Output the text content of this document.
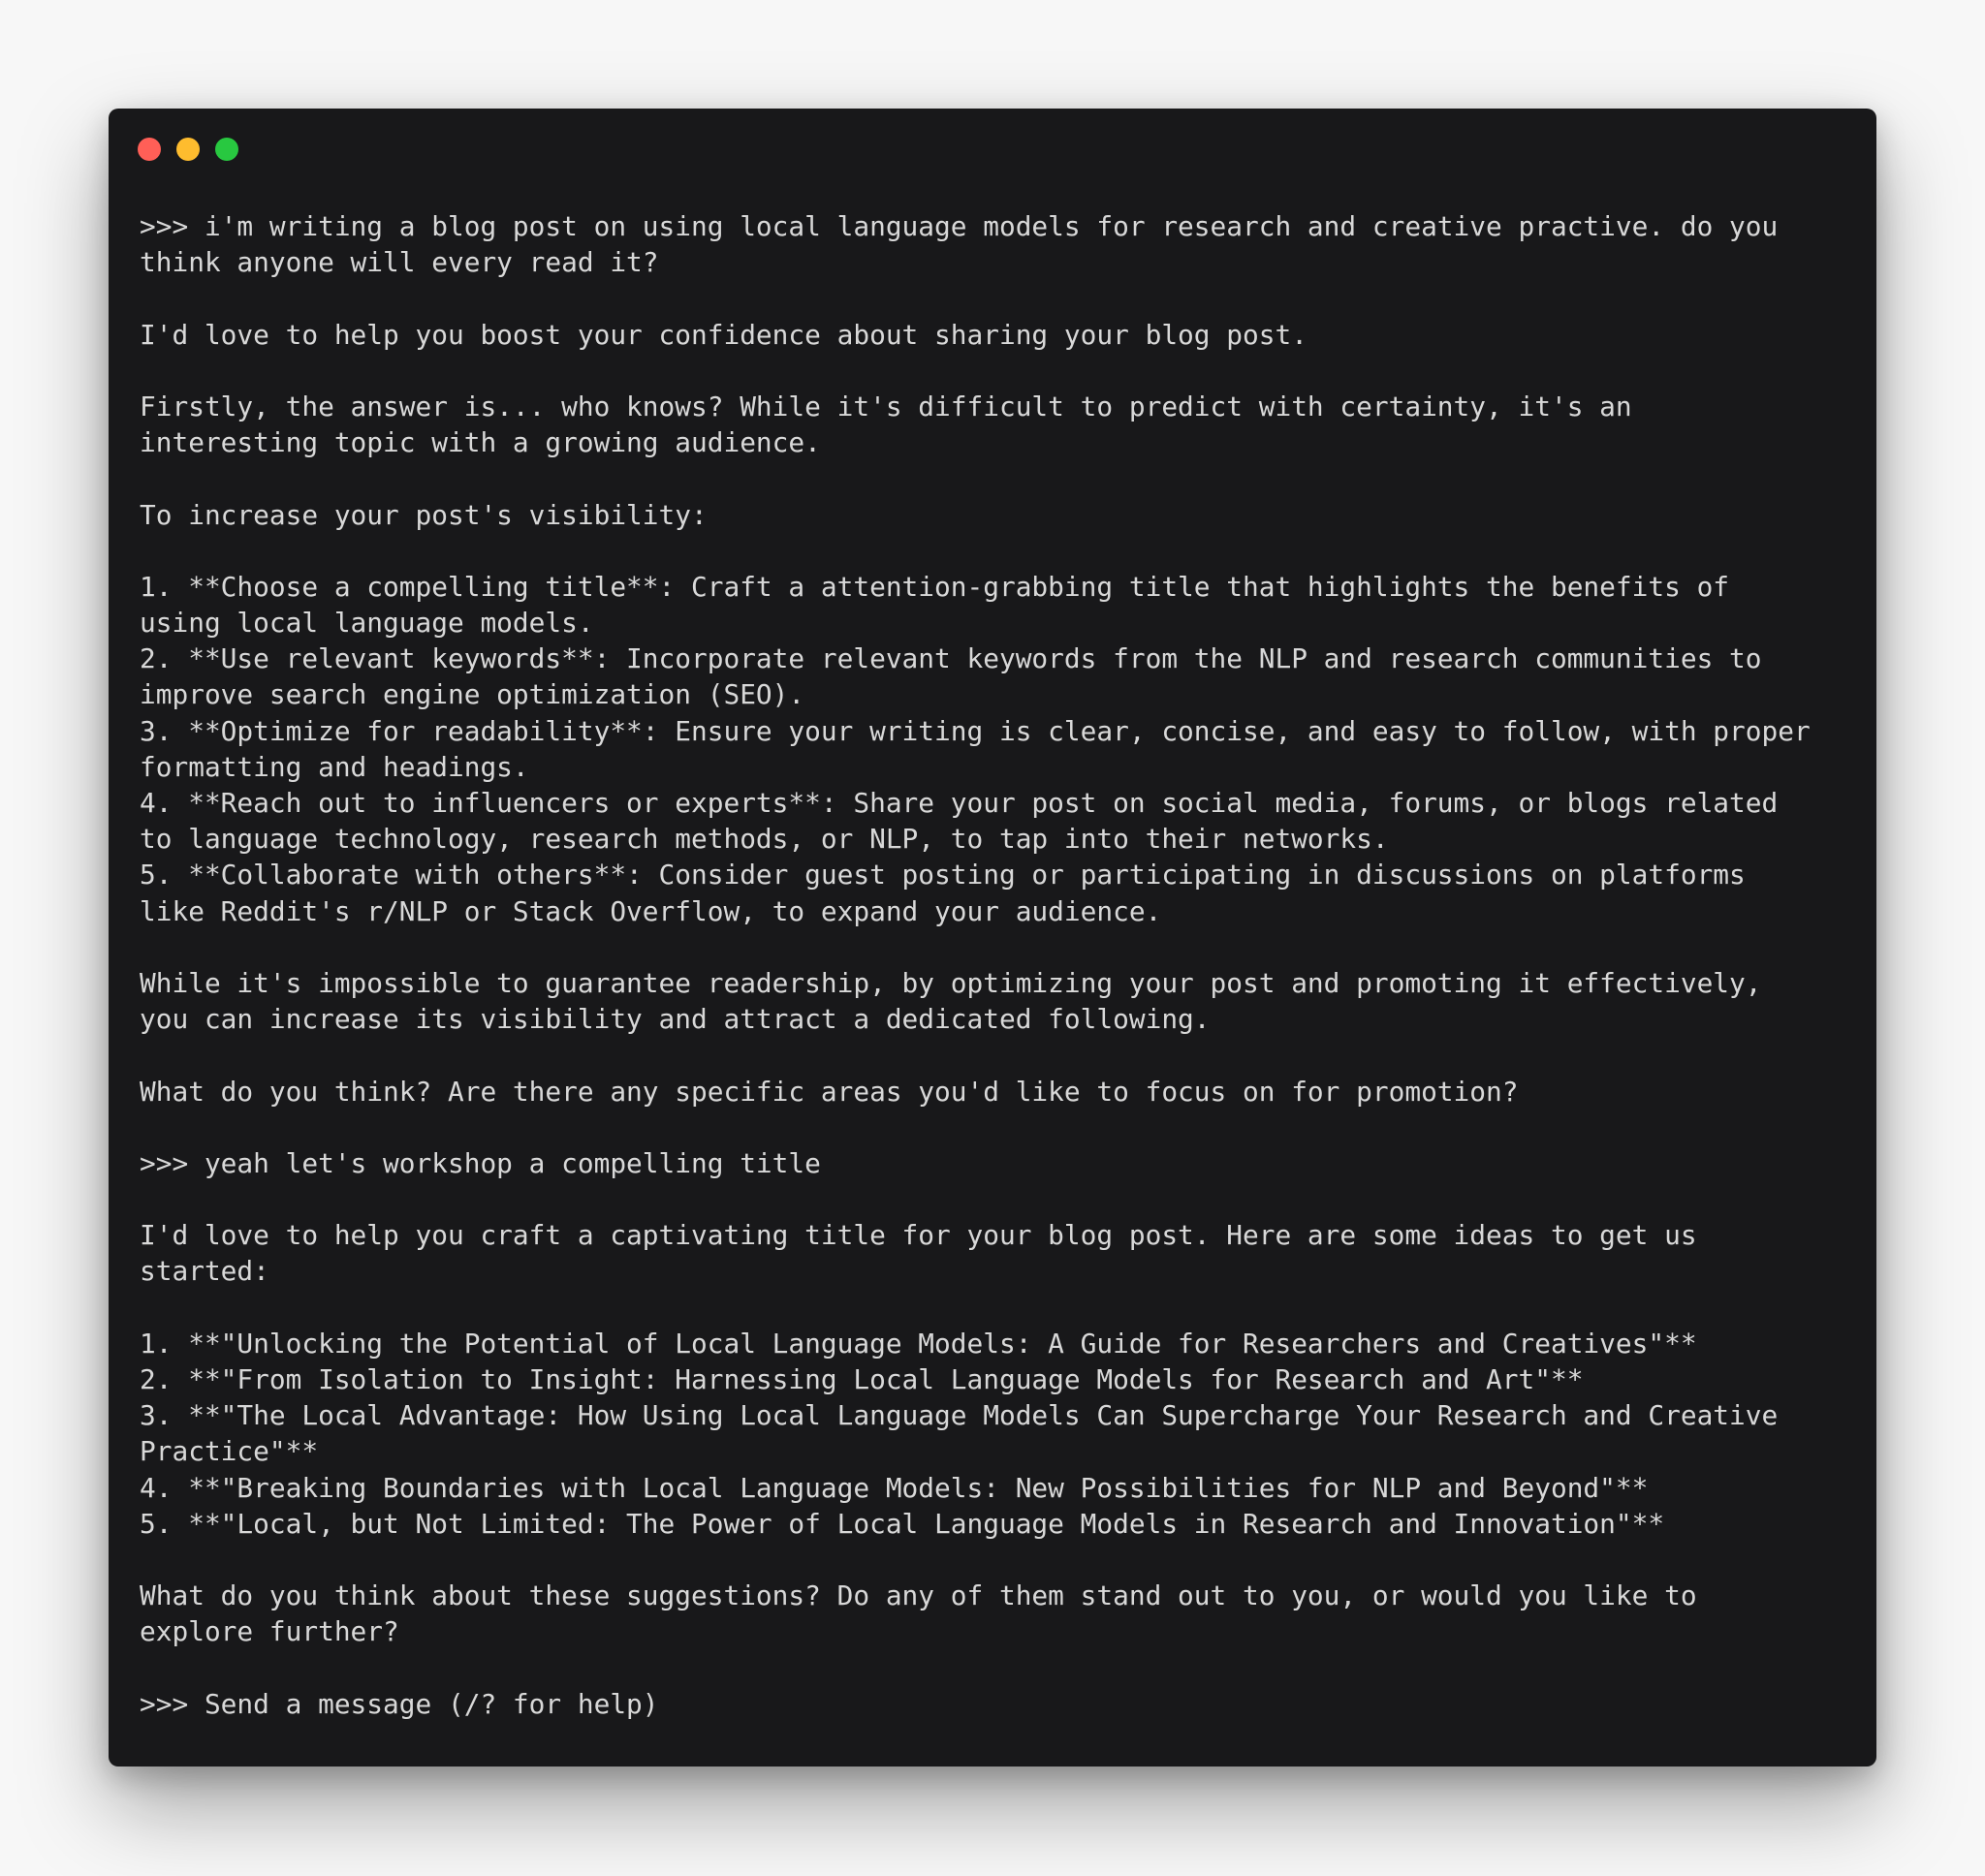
>>> i'm writing a blog post on using local language models for research and creative practive. do you
think anyone will every read it?

I'd love to help you boost your confidence about sharing your blog post.

Firstly, the answer is... who knows? While it's difficult to predict with certainty, it's an
interesting topic with a growing audience.

To increase your post's visibility:

1. **Choose a compelling title**: Craft a attention-grabbing title that highlights the benefits of
using local language models.
2. **Use relevant keywords**: Incorporate relevant keywords from the NLP and research communities to
improve search engine optimization (SEO).
3. **Optimize for readability**: Ensure your writing is clear, concise, and easy to follow, with proper
formatting and headings.
4. **Reach out to influencers or experts**: Share your post on social media, forums, or blogs related
to language technology, research methods, or NLP, to tap into their networks.
5. **Collaborate with others**: Consider guest posting or participating in discussions on platforms
like Reddit's r/NLP or Stack Overflow, to expand your audience.

While it's impossible to guarantee readership, by optimizing your post and promoting it effectively,
you can increase its visibility and attract a dedicated following.

What do you think? Are there any specific areas you'd like to focus on for promotion?

>>> yeah let's workshop a compelling title

I'd love to help you craft a captivating title for your blog post. Here are some ideas to get us
started:

1. **"Unlocking the Potential of Local Language Models: A Guide for Researchers and Creatives"**
2. **"From Isolation to Insight: Harnessing Local Language Models for Research and Art"**
3. **"The Local Advantage: How Using Local Language Models Can Supercharge Your Research and Creative
Practice"**
4. **"Breaking Boundaries with Local Language Models: New Possibilities for NLP and Beyond"**
5. **"Local, but Not Limited: The Power of Local Language Models in Research and Innovation"**

What do you think about these suggestions? Do any of them stand out to you, or would you like to
explore further?

>>> Send a message (/? for help)
